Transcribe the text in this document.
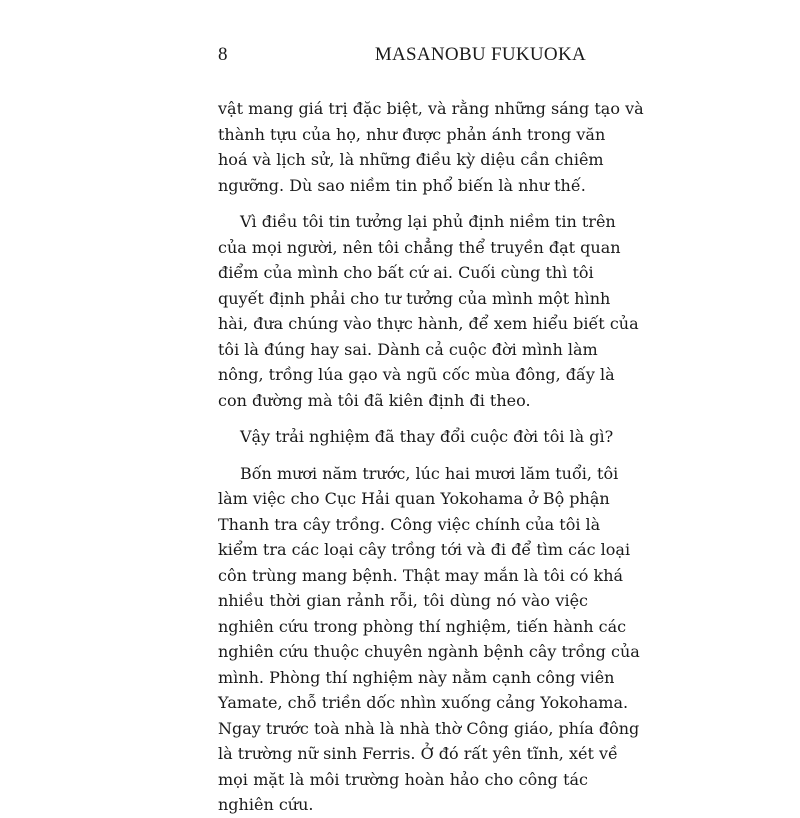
8	MASANOBU FUKUOKA
vật mang giá trị đặc biệt, và rằng những sáng tạo và
thành tựu của họ, như được phản ánh trong văn
hoá và lịch sử, là những điều kỳ diệu cần chiêm
ngưỡng. Dù sao niềm tin phổ biến là như thế.
Vì điều tôi tin tưởng lại phủ định niềm tin trên
của mọi người, nên tôi chẳng thể truyền đạt quan
điểm của mình cho bất cứ ai. Cuối cùng thì tôi
quyết định phải cho tư tưởng của mình một hình
hài, đưa chúng vào thực hành, để xem hiểu biết của
tôi là đúng hay sai. Dành cả cuộc đời mình làm
nông, trồng lúa gạo và ngũ cốc mùa đông, đấy là
con đường mà tôi đã kiên định đi theo.
Vậy trải nghiệm đã thay đổi cuộc đời tôi là gì?
Bốn mươi năm trước, lúc hai mươi lăm tuổi, tôi
làm việc cho Cục Hải quan Yokohama ở Bộ phận
Thanh tra cây trồng. Công việc chính của tôi là
kiểm tra các loại cây trồng tới và đi để tìm các loại
côn trùng mang bệnh. Thật may mắn là tôi có khá
nhiều thời gian rảnh rỗi, tôi dùng nó vào việc
nghiên cứu trong phòng thí nghiệm, tiến hành các
nghiên cứu thuộc chuyên ngành bệnh cây trồng của
mình. Phòng thí nghiệm này nằm cạnh công viên
Yamate, chỗ triền dốc nhìn xuống cảng Yokohama.
Ngay trước toà nhà là nhà thờ Công giáo, phía đông
là trường nữ sinh Ferris. Ở đó rất yên tĩnh, xét về
mọi mặt là môi trường hoàn hảo cho công tác
nghiên cứu.
